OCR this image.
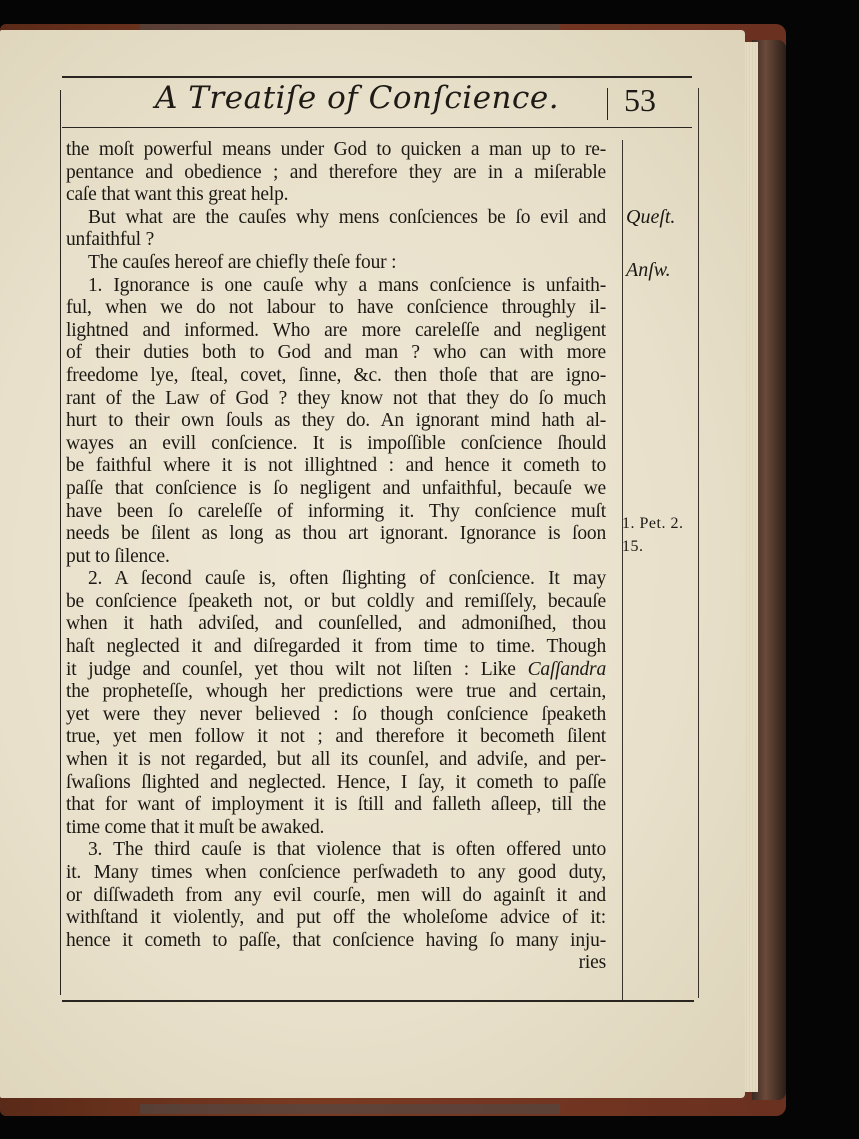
A Treatiſe of Conſcience. 53
the moſt powerful means under God to quicken a man up to re-
pentance and obedience ; and therefore they are in a miſerable
caſe that want this great help.
But what are the cauſes why mens conſciences be ſo evil and
unfaithful ?
The cauſes hereof are chiefly theſe four :
1. Ignorance is one cauſe why a mans conſcience is unfaith-
ful, when we do not labour to have conſcience throughly il-
lightned and informed. Who are more careleſſe and negligent
of their duties both to God and man ? who can with more
freedome lye, ſteal, covet, ſinne, &c. then thoſe that are igno-
rant of the Law of God ? they know not that they do ſo much
hurt to their own ſouls as they do. An ignorant mind hath al-
wayes an evill conſcience. It is impoſſible conſcience ſhould
be faithful where it is not illightned : and hence it cometh to
paſſe that conſcience is ſo negligent and unfaithful, becauſe we
have been ſo careleſſe of informing it. Thy conſcience muſt
needs be ſilent as long as thou art ignorant. Ignorance is ſoon
put to ſilence.
2. A ſecond cauſe is, often ſlighting of conſcience. It may
be conſcience ſpeaketh not, or but coldly and remiſſely, becauſe
when it hath adviſed, and counſelled, and admoniſhed, thou
haſt neglected it and diſregarded it from time to time. Though
it judge and counſel, yet thou wilt not liſten : Like Caſſandra
the propheteſſe, whough her predictions were true and certain,
yet were they never believed : ſo though conſcience ſpeaketh
true, yet men follow it not ; and therefore it becometh ſilent
when it is not regarded, but all its counſel, and adviſe, and per-
ſwaſions ſlighted and neglected. Hence, I ſay, it cometh to paſſe
that for want of imployment it is ſtill and falleth aſleep, till the
time come that it muſt be awaked.
3. The third cauſe is that violence that is often offered unto
it. Many times when conſcience perſwadeth to any good duty,
or diſſwadeth from any evil courſe, men will do againſt it and
withſtand it violently, and put off the wholeſome advice of it:
hence it cometh to paſſe, that conſcience having ſo many inju-
ries
Queſt.
Anſw.
1. Pet. 2.
15.
